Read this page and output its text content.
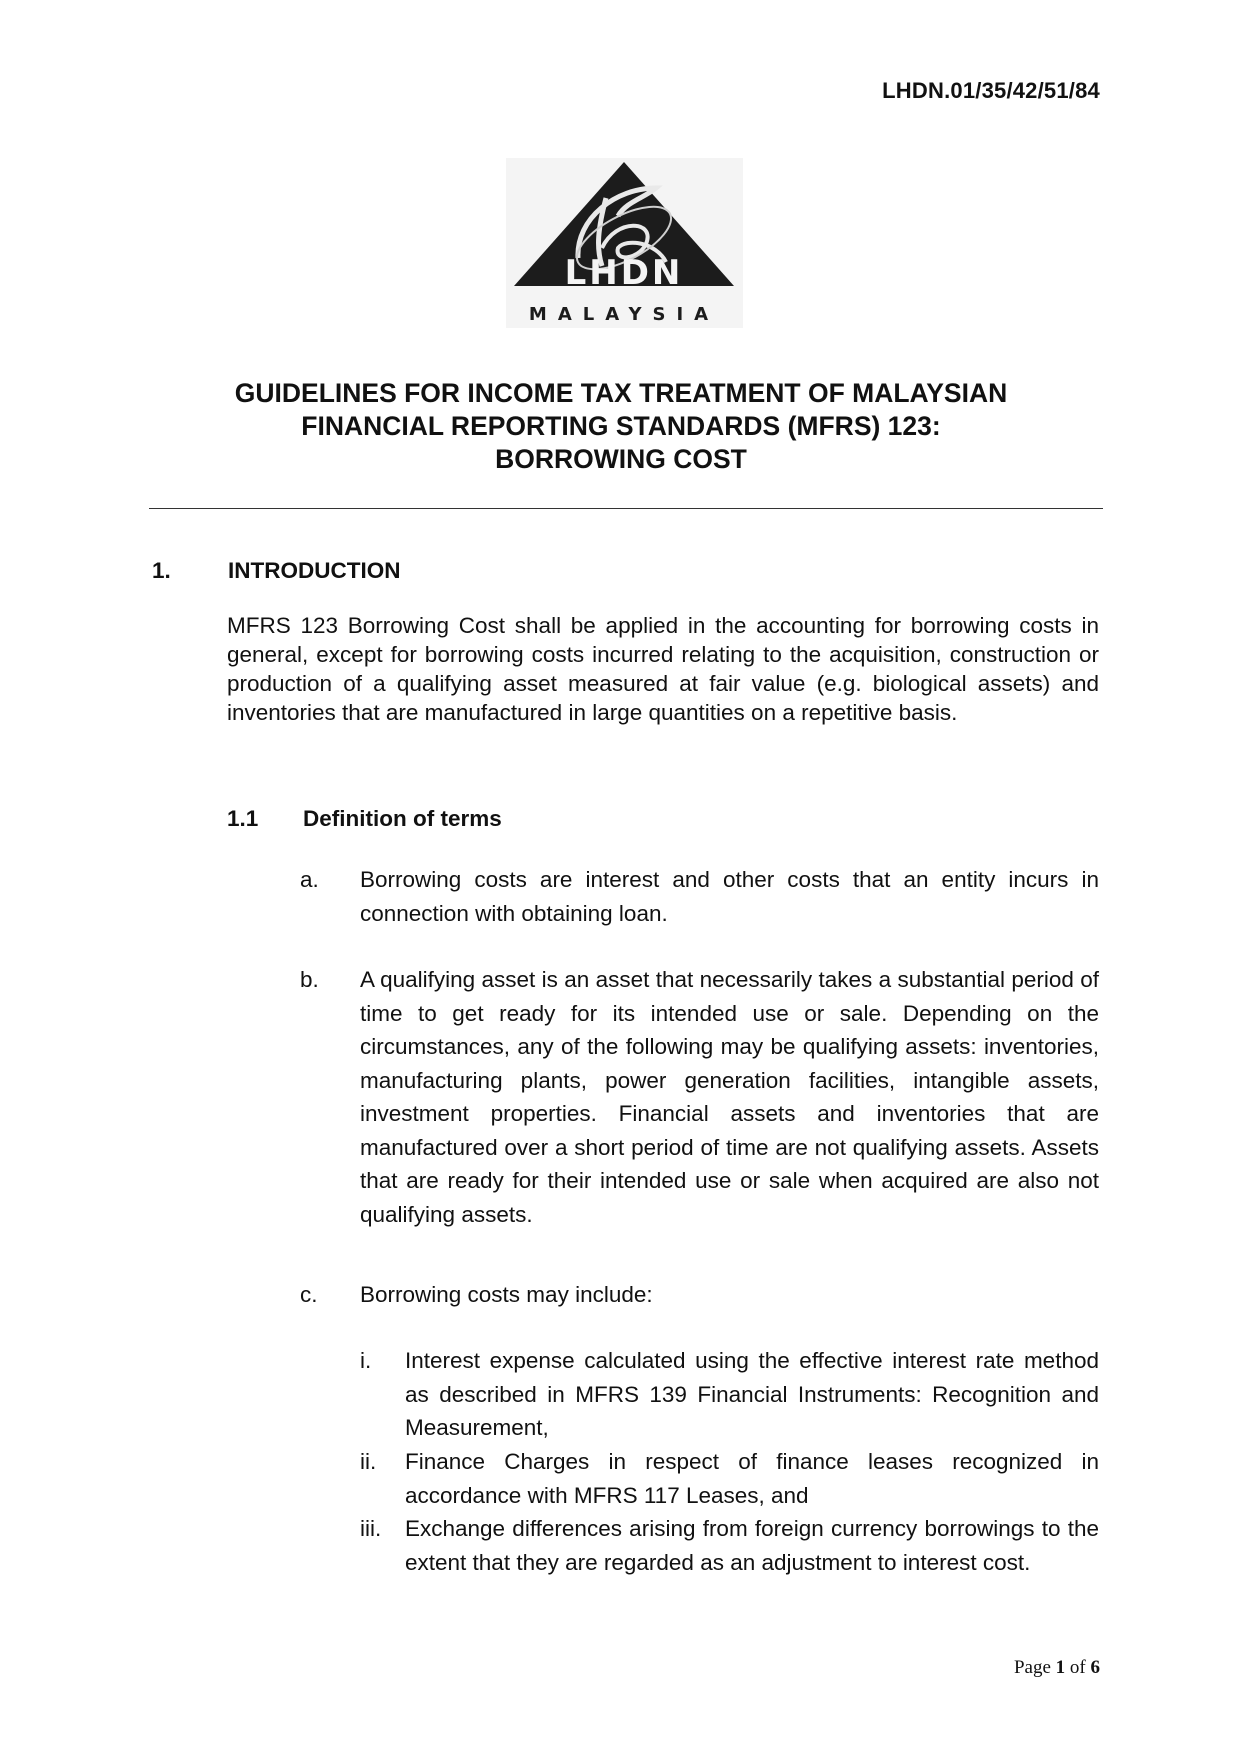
LHDN.01/35/42/51/84
LHDN
MALAYSIA
GUIDELINES FOR INCOME TAX TREATMENT OF MALAYSIAN
FINANCIAL REPORTING STANDARDS (MFRS) 123:
BORROWING COST
1.	INTRODUCTION
MFRS 123 Borrowing Cost shall be applied in the accounting for borrowing costs in general, except for borrowing costs incurred relating to the acquisition, construction or production of a qualifying asset measured at fair value (e.g. biological assets) and inventories that are manufactured in large quantities on a repetitive basis.
1.1 Definition of terms
a. Borrowing costs are interest and other costs that an entity incurs in connection with obtaining loan.
b. A qualifying asset is an asset that necessarily takes a substantial period of time to get ready for its intended use or sale. Depending on the circumstances, any of the following may be qualifying assets: inventories, manufacturing plants, power generation facilities, intangible assets, investment properties. Financial assets and inventories that are manufactured over a short period of time are not qualifying assets. Assets that are ready for their intended use or sale when acquired are also not qualifying assets.
c. Borrowing costs may include:
i. Interest expense calculated using the effective interest rate method as described in MFRS 139 Financial Instruments: Recognition and Measurement,
ii. Finance Charges in respect of finance leases recognized in accordance with MFRS 117 Leases, and
iii. Exchange differences arising from foreign currency borrowings to the extent that they are regarded as an adjustment to interest cost.
Page 1 of 6
